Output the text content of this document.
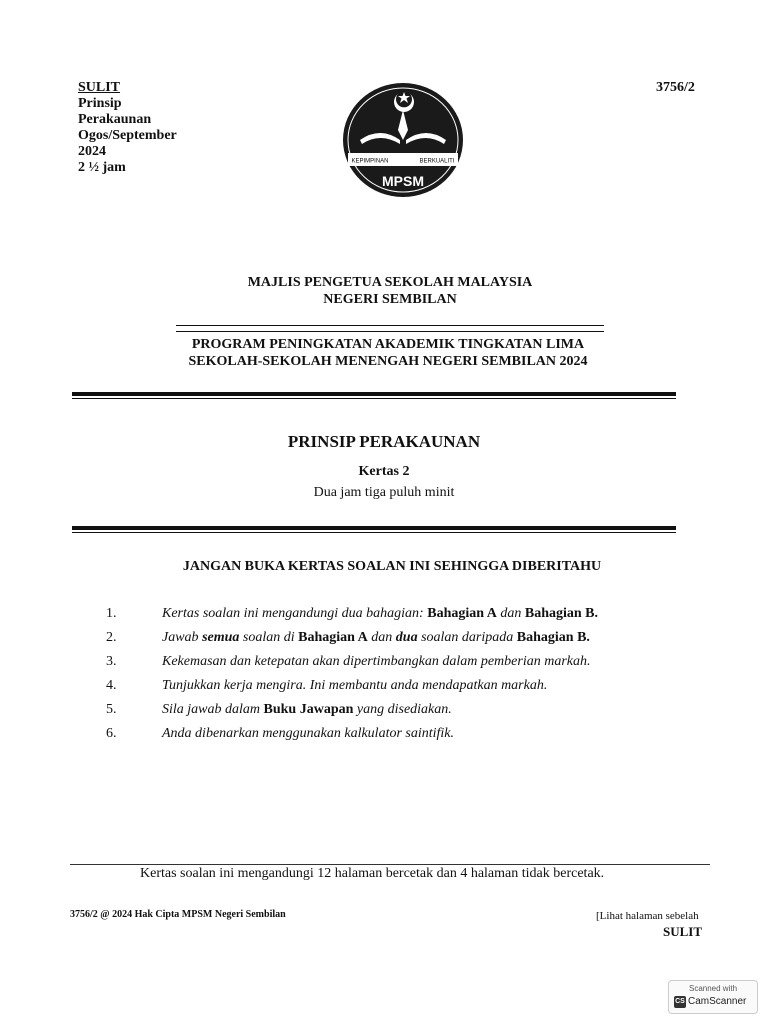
SULIT
Prinsip
Perakaunan
Ogos/September
2024
2 ½ jam
3756/2
KEPIMPINAN	BERKUALITI
MPSM
MAJLIS PENGETUA SEKOLAH MALAYSIA
NEGERI SEMBILAN
PROGRAM PENINGKATAN AKADEMIK TINGKATAN LIMA
SEKOLAH-SEKOLAH MENENGAH NEGERI SEMBILAN 2024
PRINSIP PERAKAUNAN
Kertas 2
Dua jam tiga puluh minit
JANGAN BUKA KERTAS SOALAN INI SEHINGGA DIBERITAHU
1.	Kertas soalan ini mengandungi dua bahagian: Bahagian A dan Bahagian B.
2.	Jawab semua soalan di Bahagian A dan dua soalan daripada Bahagian B.
3.	Kekemasan dan ketepatan akan dipertimbangkan dalam pemberian markah.
4.	Tunjukkan kerja mengira. Ini membantu anda mendapatkan markah.
5.	Sila jawab dalam Buku Jawapan yang disediakan.
6.	Anda dibenarkan menggunakan kalkulator saintifik.
Kertas soalan ini mengandungi 12 halaman bercetak dan 4 halaman tidak bercetak.
3756/2 @ 2024 Hak Cipta MPSM Negeri Sembilan	[Lihat halaman sebelah
SULIT
Scanned with
CS CamScanner
